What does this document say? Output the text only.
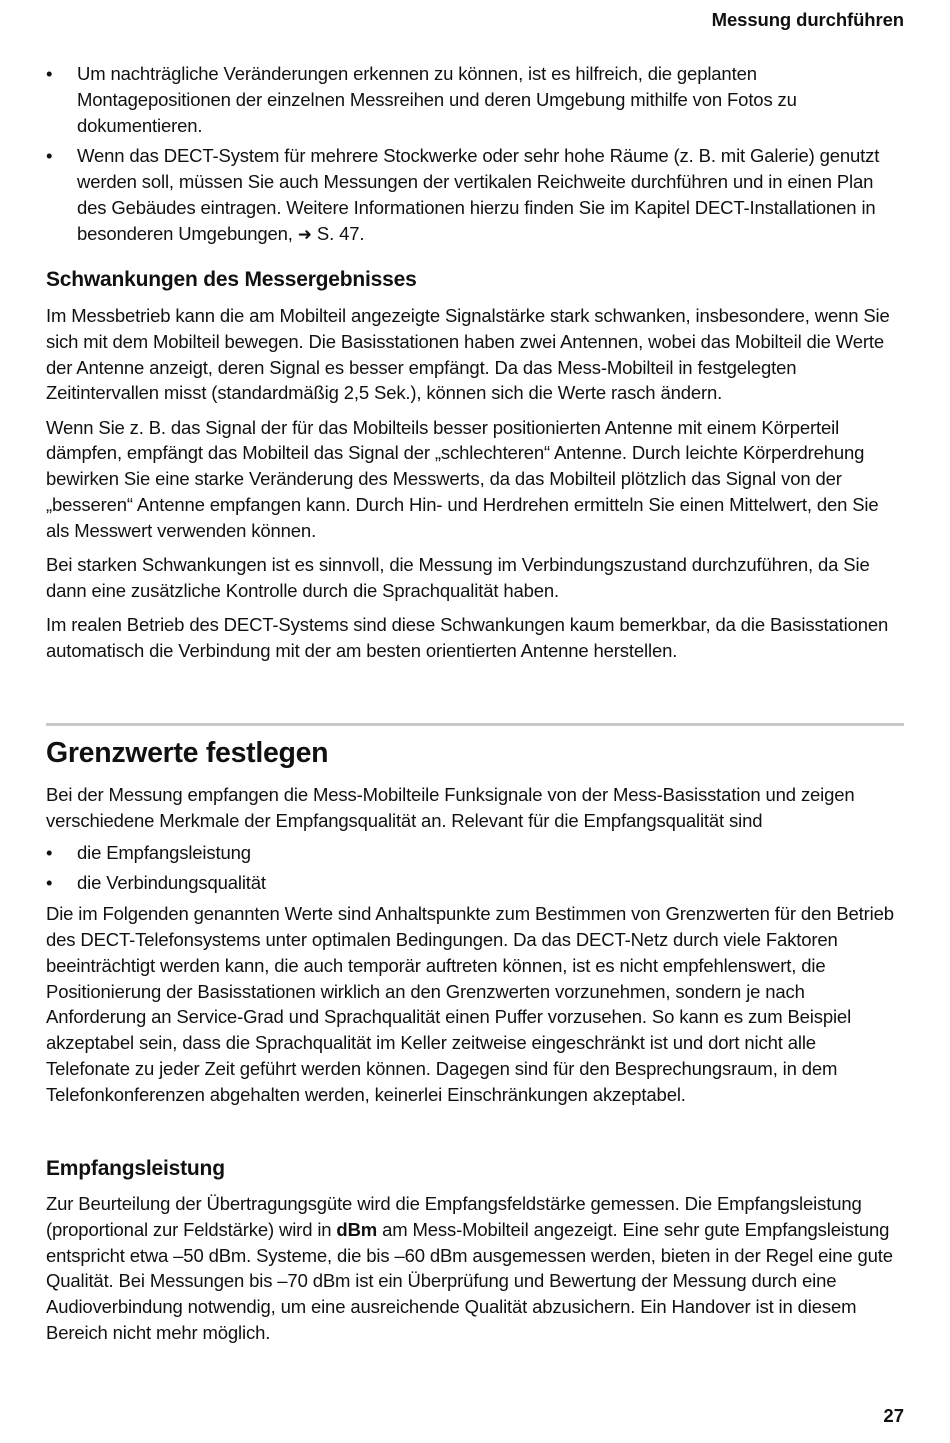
Messung durchführen
• Um nachträgliche Veränderungen erkennen zu können, ist es hilfreich, die geplanten Montagepositionen der einzelnen Messreihen und deren Umgebung mithilfe von Fotos zu dokumentieren.
• Wenn das DECT-System für mehrere Stockwerke oder sehr hohe Räume (z. B. mit Galerie) genutzt werden soll, müssen Sie auch Messungen der vertikalen Reichweite durchführen und in einen Plan des Gebäudes eintragen. Weitere Informationen hierzu finden Sie im Kapitel DECT-Installationen in besonderen Umgebungen, ➜ S. 47.
Schwankungen des Messergebnisses

Im Messbetrieb kann die am Mobilteil angezeigte Signalstärke stark schwanken, insbesondere, wenn Sie sich mit dem Mobilteil bewegen. Die Basisstationen haben zwei Antennen, wobei das Mobilteil die Werte der Antenne anzeigt, deren Signal es besser empfängt. Da das Mess-Mobilteil in festgelegten Zeitintervallen misst (standardmäßig 2,5 Sek.), können sich die Werte rasch ändern.

Wenn Sie z. B. das Signal der für das Mobilteils besser positionierten Antenne mit einem Körperteil dämpfen, empfängt das Mobilteil das Signal der „schlechteren“ Antenne. Durch leichte Körperdrehung bewirken Sie eine starke Veränderung des Messwerts, da das Mobilteil plötzlich das Signal von der „besseren“ Antenne empfangen kann. Durch Hin- und Herdrehen ermitteln Sie einen Mittelwert, den Sie als Messwert verwenden können.

Bei starken Schwankungen ist es sinnvoll, die Messung im Verbindungszustand durchzuführen, da Sie dann eine zusätzliche Kontrolle durch die Sprachqualität haben.

Im realen Betrieb des DECT-Systems sind diese Schwankungen kaum bemerkbar, da die Basisstationen automatisch die Verbindung mit der am besten orientierten Antenne herstellen.

Grenzwerte festlegen

Bei der Messung empfangen die Mess-Mobilteile Funksignale von der Mess-Basisstation und zeigen verschiedene Merkmale der Empfangsqualität an. Relevant für die Empfangsqualität sind

• die Empfangsleistung
• die Verbindungsqualität

Die im Folgenden genannten Werte sind Anhaltspunkte zum Bestimmen von Grenzwerten für den Betrieb des DECT-Telefonsystems unter optimalen Bedingungen. Da das DECT-Netz durch viele Faktoren beeinträchtigt werden kann, die auch temporär auftreten können, ist es nicht empfehlenswert, die Positionierung der Basisstationen wirklich an den Grenzwerten vorzunehmen, sondern je nach Anforderung an Service-Grad und Sprachqualität einen Puffer vorzusehen. So kann es zum Beispiel akzeptabel sein, dass die Sprachqualität im Keller zeitweise eingeschränkt ist und dort nicht alle Telefonate zu jeder Zeit geführt werden können. Dagegen sind für den Besprechungsraum, in dem Telefonkonferenzen abgehalten werden, keinerlei Einschränkungen akzeptabel.

Empfangsleistung

Zur Beurteilung der Übertragungsgüte wird die Empfangsfeldstärke gemessen. Die Empfangsleistung (proportional zur Feldstärke) wird in dBm am Mess-Mobilteil angezeigt. Eine sehr gute Empfangsleistung entspricht etwa –50 dBm. Systeme, die bis –60 dBm ausgemessen werden, bieten in der Regel eine gute Qualität. Bei Messungen bis –70 dBm ist ein Überprüfung und Bewertung der Messung durch eine Audioverbindung notwendig, um eine ausreichende Qualität abzusichern. Ein Handover ist in diesem Bereich nicht mehr möglich.

27
